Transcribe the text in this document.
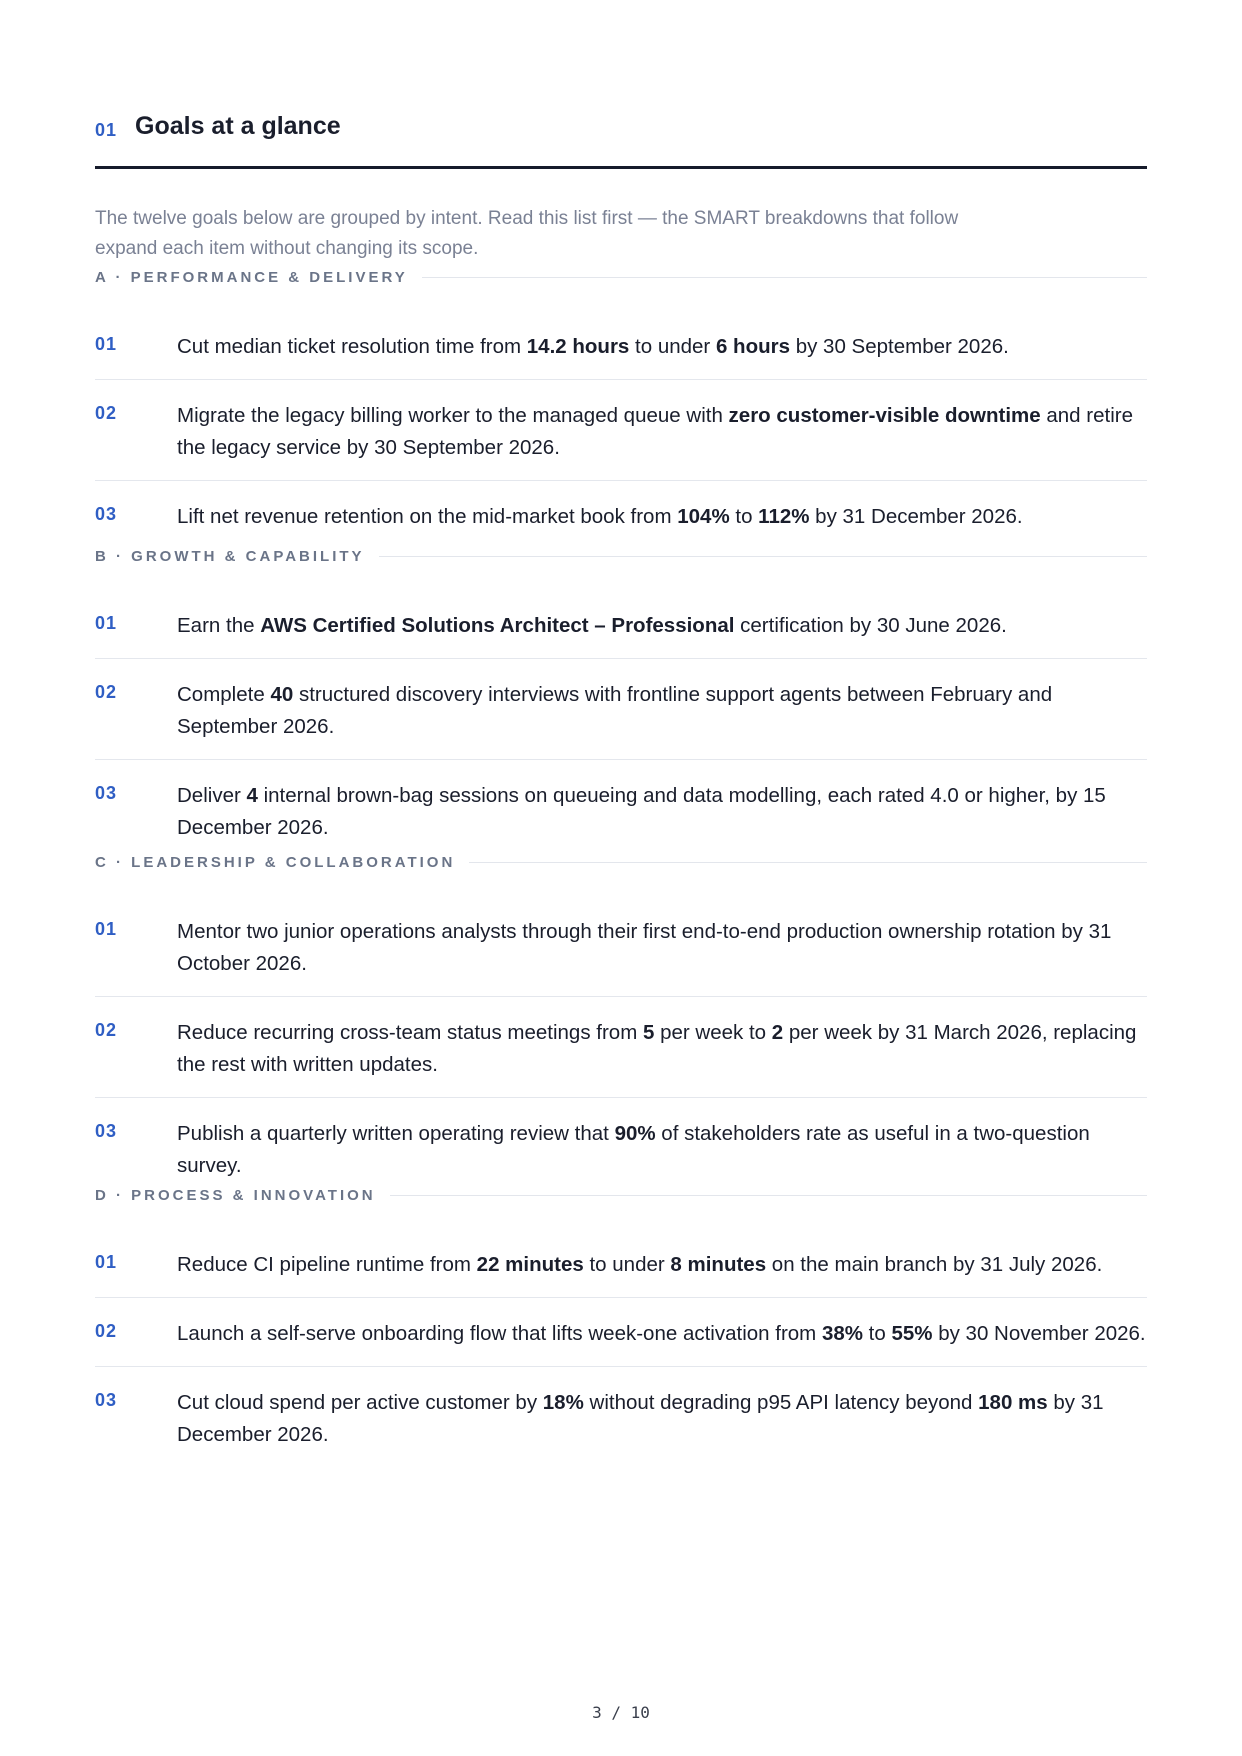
01 Goals at a glance
The twelve goals below are grouped by intent. Read this list first — the SMART breakdowns that follow expand each item without changing its scope.
A · PERFORMANCE & DELIVERY
01	Cut median ticket resolution time from 14.2 hours to under 6 hours by 30 September 2026.
02	Migrate the legacy billing worker to the managed queue with zero customer-visible downtime and retire the legacy service by 30 September 2026.
03	Lift net revenue retention on the mid-market book from 104% to 112% by 31 December 2026.
B · GROWTH & CAPABILITY
01	Earn the AWS Certified Solutions Architect – Professional certification by 30 June 2026.
02	Complete 40 structured discovery interviews with frontline support agents between February and September 2026.
03	Deliver 4 internal brown-bag sessions on queueing and data modelling, each rated 4.0 or higher, by 15 December 2026.
C · LEADERSHIP & COLLABORATION
01	Mentor two junior operations analysts through their first end-to-end production ownership rotation by 31 October 2026.
02	Reduce recurring cross-team status meetings from 5 per week to 2 per week by 31 March 2026, replacing the rest with written updates.
03	Publish a quarterly written operating review that 90% of stakeholders rate as useful in a two-question survey.
D · PROCESS & INNOVATION
01	Reduce CI pipeline runtime from 22 minutes to under 8 minutes on the main branch by 31 July 2026.
02	Launch a self-serve onboarding flow that lifts week-one activation from 38% to 55% by 30 November 2026.
03	Cut cloud spend per active customer by 18% without degrading p95 API latency beyond 180 ms by 31 December 2026.
3 / 10
